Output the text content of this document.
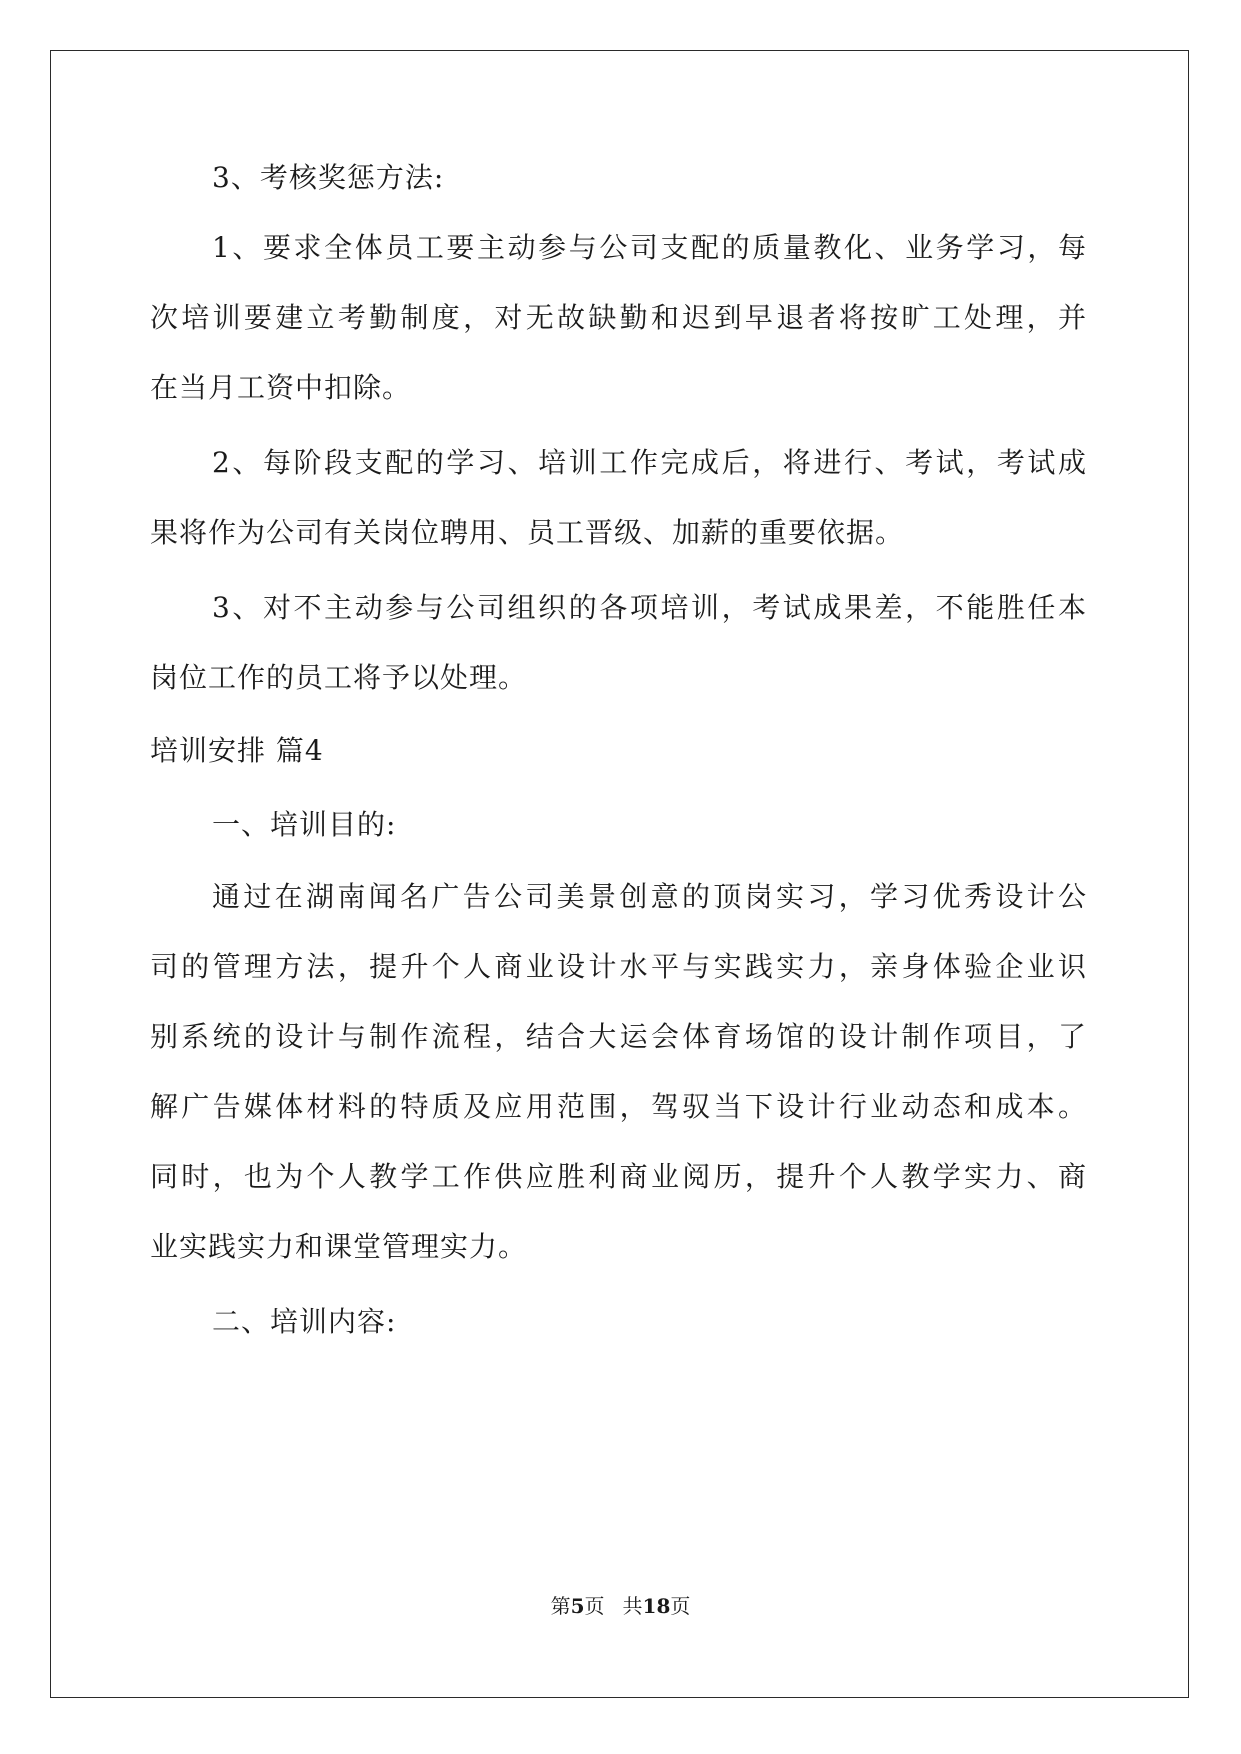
3、考核奖惩方法:

1、要求全体员工要主动参与公司支配的质量教化、业务学习，每

次培训要建立考勤制度，对无故缺勤和迟到早退者将按旷工处理，并

在当月工资中扣除。

2、每阶段支配的学习、培训工作完成后，将进行、考试，考试成

果将作为公司有关岗位聘用、员工晋级、加薪的重要依据。

3、对不主动参与公司组织的各项培训，考试成果差，不能胜任本

岗位工作的员工将予以处理。

培训安排 篇4

一、培训目的:

通过在湖南闻名广告公司美景创意的顶岗实习，学习优秀设计公

司的管理方法，提升个人商业设计水平与实践实力，亲身体验企业识

别系统的设计与制作流程，结合大运会体育场馆的设计制作项目，了

解广告媒体材料的特质及应用范围，驾驭当下设计行业动态和成本。

同时，也为个人教学工作供应胜利商业阅历，提升个人教学实力、商

业实践实力和课堂管理实力。

二、培训内容:

第5页 共18页
